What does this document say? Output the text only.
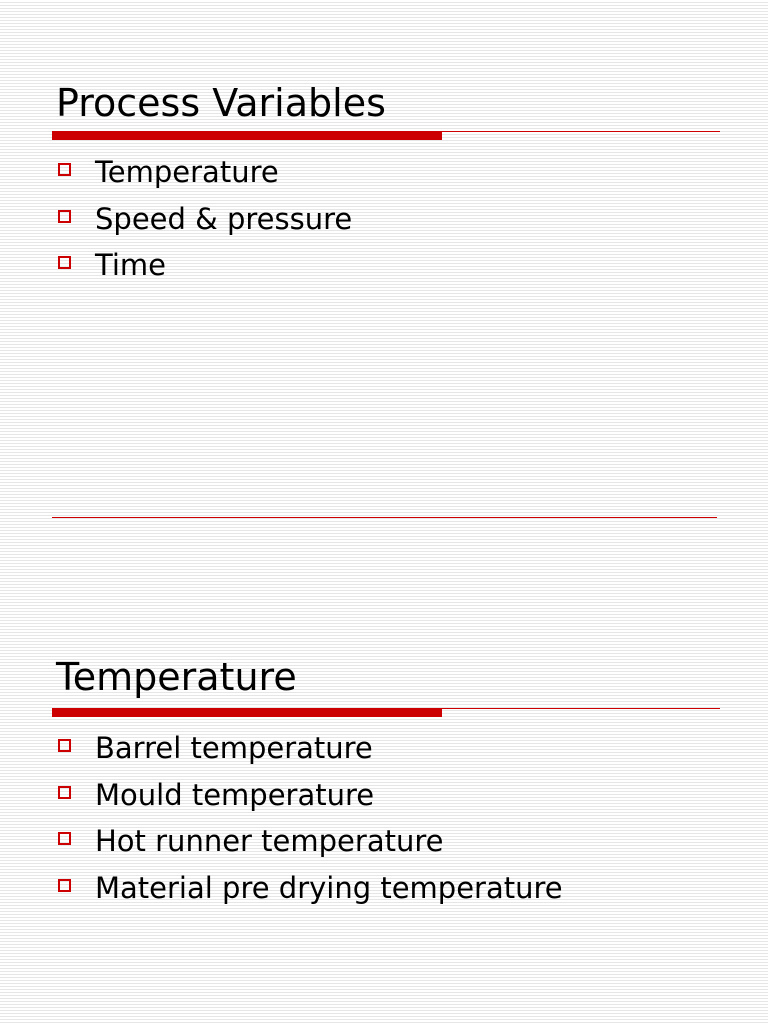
Process Variables
Temperature
Speed & pressure
Time
Temperature
Barrel temperature
Mould temperature
Hot runner temperature
Material pre drying temperature
